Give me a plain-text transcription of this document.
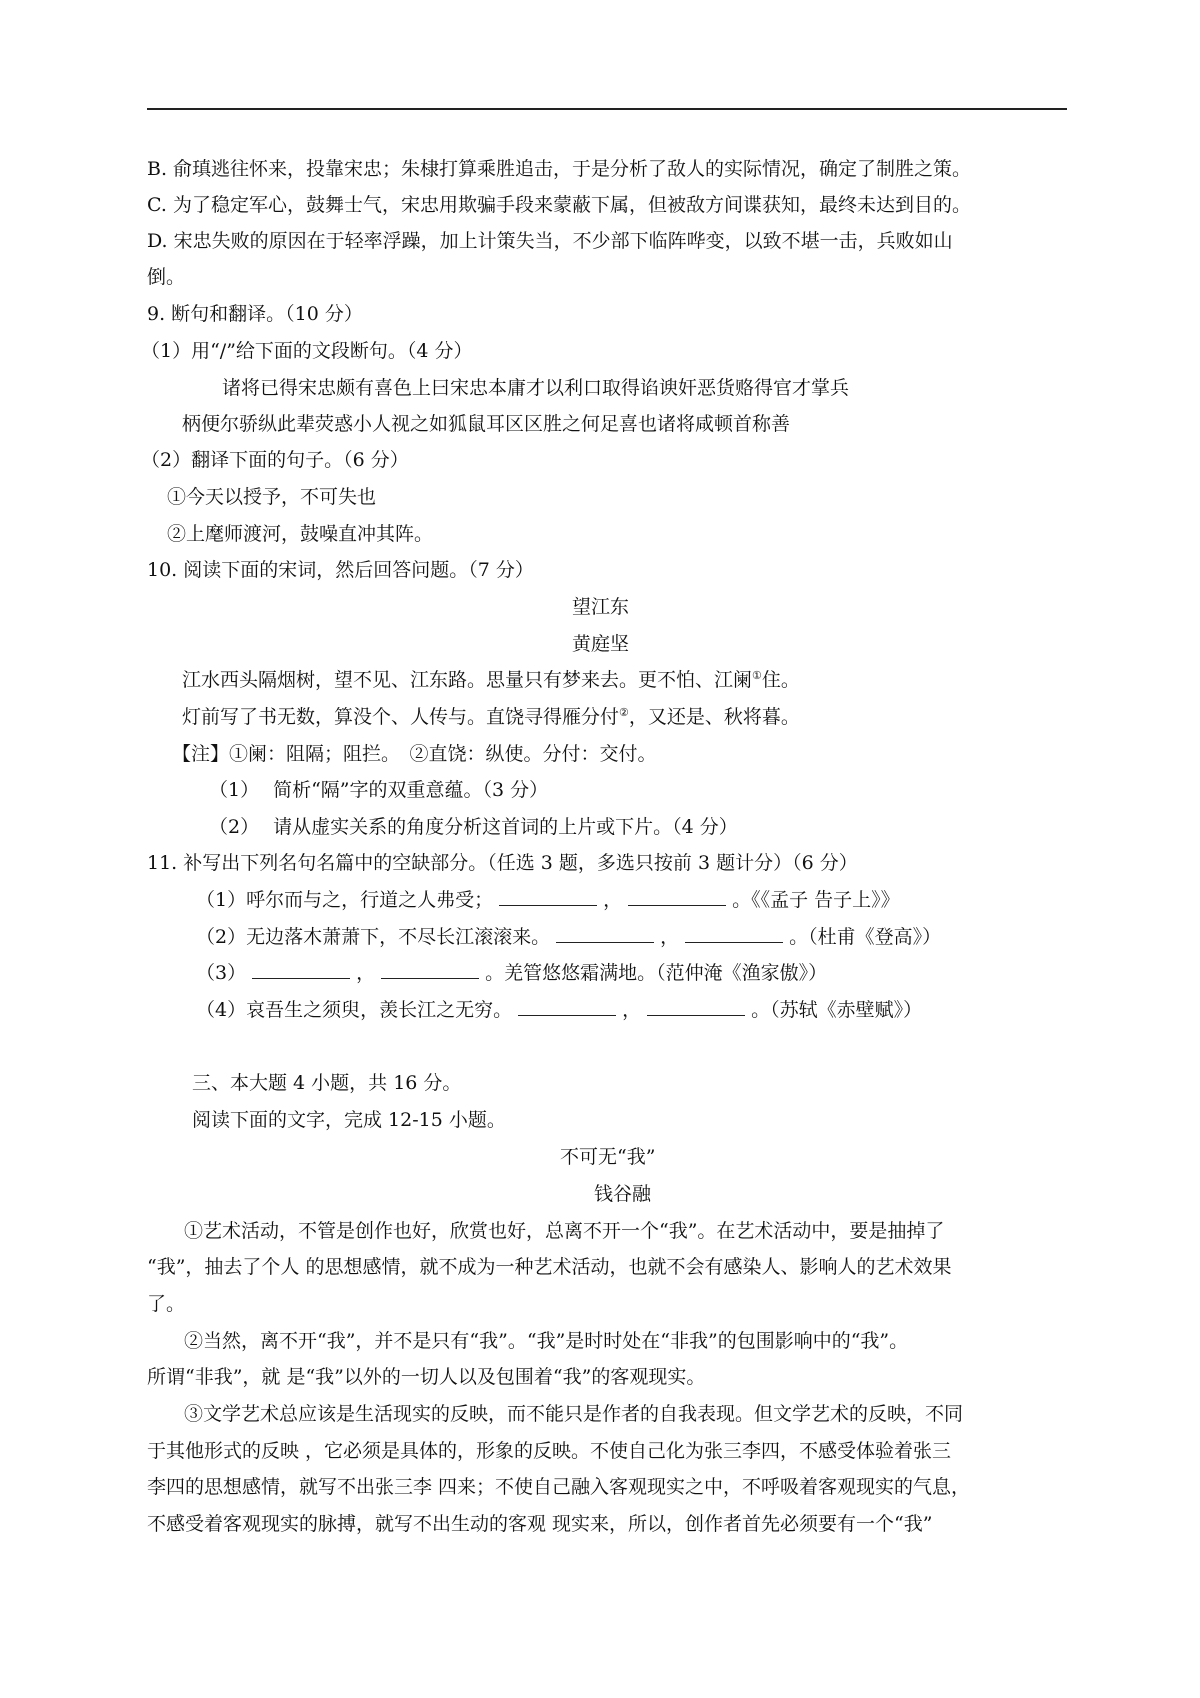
B. 俞瑱逃往怀来，投靠宋忠；朱棣打算乘胜追击，于是分析了敌人的实际情况，确定了制胜之策。
C. 为了稳定军心，鼓舞士气，宋忠用欺骗手段来蒙蔽下属，但被敌方间谍获知，最终未达到目的。
D. 宋忠失败的原因在于轻率浮躁，加上计策失当，不少部下临阵哗变，以致不堪一击，兵败如山
倒。
9. 断句和翻译。（10 分）
（1）用“/”给下面的文段断句。（4 分）
诸将已得宋忠颇有喜色上曰宋忠本庸才以利口取得谄谀奸恶货赂得官才掌兵
柄便尔骄纵此辈荧惑小人视之如狐鼠耳区区胜之何足喜也诸将咸顿首称善
（2）翻译下面的句子。（6 分）
①今天以授予，不可失也
②上麾师渡河，鼓噪直冲其阵。
10. 阅读下面的宋词，然后回答问题。（7 分）
望江东
黄庭坚
江水西头隔烟树，望不见、江东路。思量只有梦来去。更不怕、江阑①住。
灯前写了书无数，算没个、人传与。直饶寻得雁分付②，又还是、秋将暮。
【注】①阑：阻隔；阻拦。　②直饶：纵使。分付：交付。
（1） 简析“隔”字的双重意蕴。（3 分）
（2） 请从虚实关系的角度分析这首词的上片或下片。（4 分）
11. 补写出下列名句名篇中的空缺部分。（任选 3 题，多选只按前 3 题计分）（6 分）
（1）呼尔而与之，行道之人弗受；	，	。《《孟子 告子上》》
（2）无边落木萧萧下，不尽长江滚滚来。	，	。（杜甫《登高》）
（3）	，	。羌管悠悠霜满地。（范仲淹《渔家傲》）
（4）哀吾生之须臾，羡长江之无穷。	，	。（苏轼《赤壁赋》）
三、本大题 4 小题，共 16 分。
阅读下面的文字，完成 12-15 小题。
不可无“我”
钱谷融
①艺术活动，不管是创作也好，欣赏也好，总离不开一个“我”。在艺术活动中，要是抽掉了
“我”，抽去了个人 的思想感情，就不成为一种艺术活动，也就不会有感染人、影响人的艺术效果
了。
②当然，离不开“我”，并不是只有“我”。“我”是时时处在“非我”的包围影响中的“我”。
所谓“非我”，就 是“我”以外的一切人以及包围着“我”的客观现实。
③文学艺术总应该是生活现实的反映，而不能只是作者的自我表现。但文学艺术的反映，不同
于其他形式的反映 ，它必须是具体的，形象的反映。不使自己化为张三李四，不感受体验着张三
李四的思想感情，就写不出张三李 四来；不使自己融入客观现实之中，不呼吸着客观现实的气息，
不感受着客观现实的脉搏，就写不出生动的客观 现实来，所以，创作者首先必须要有一个“我”
